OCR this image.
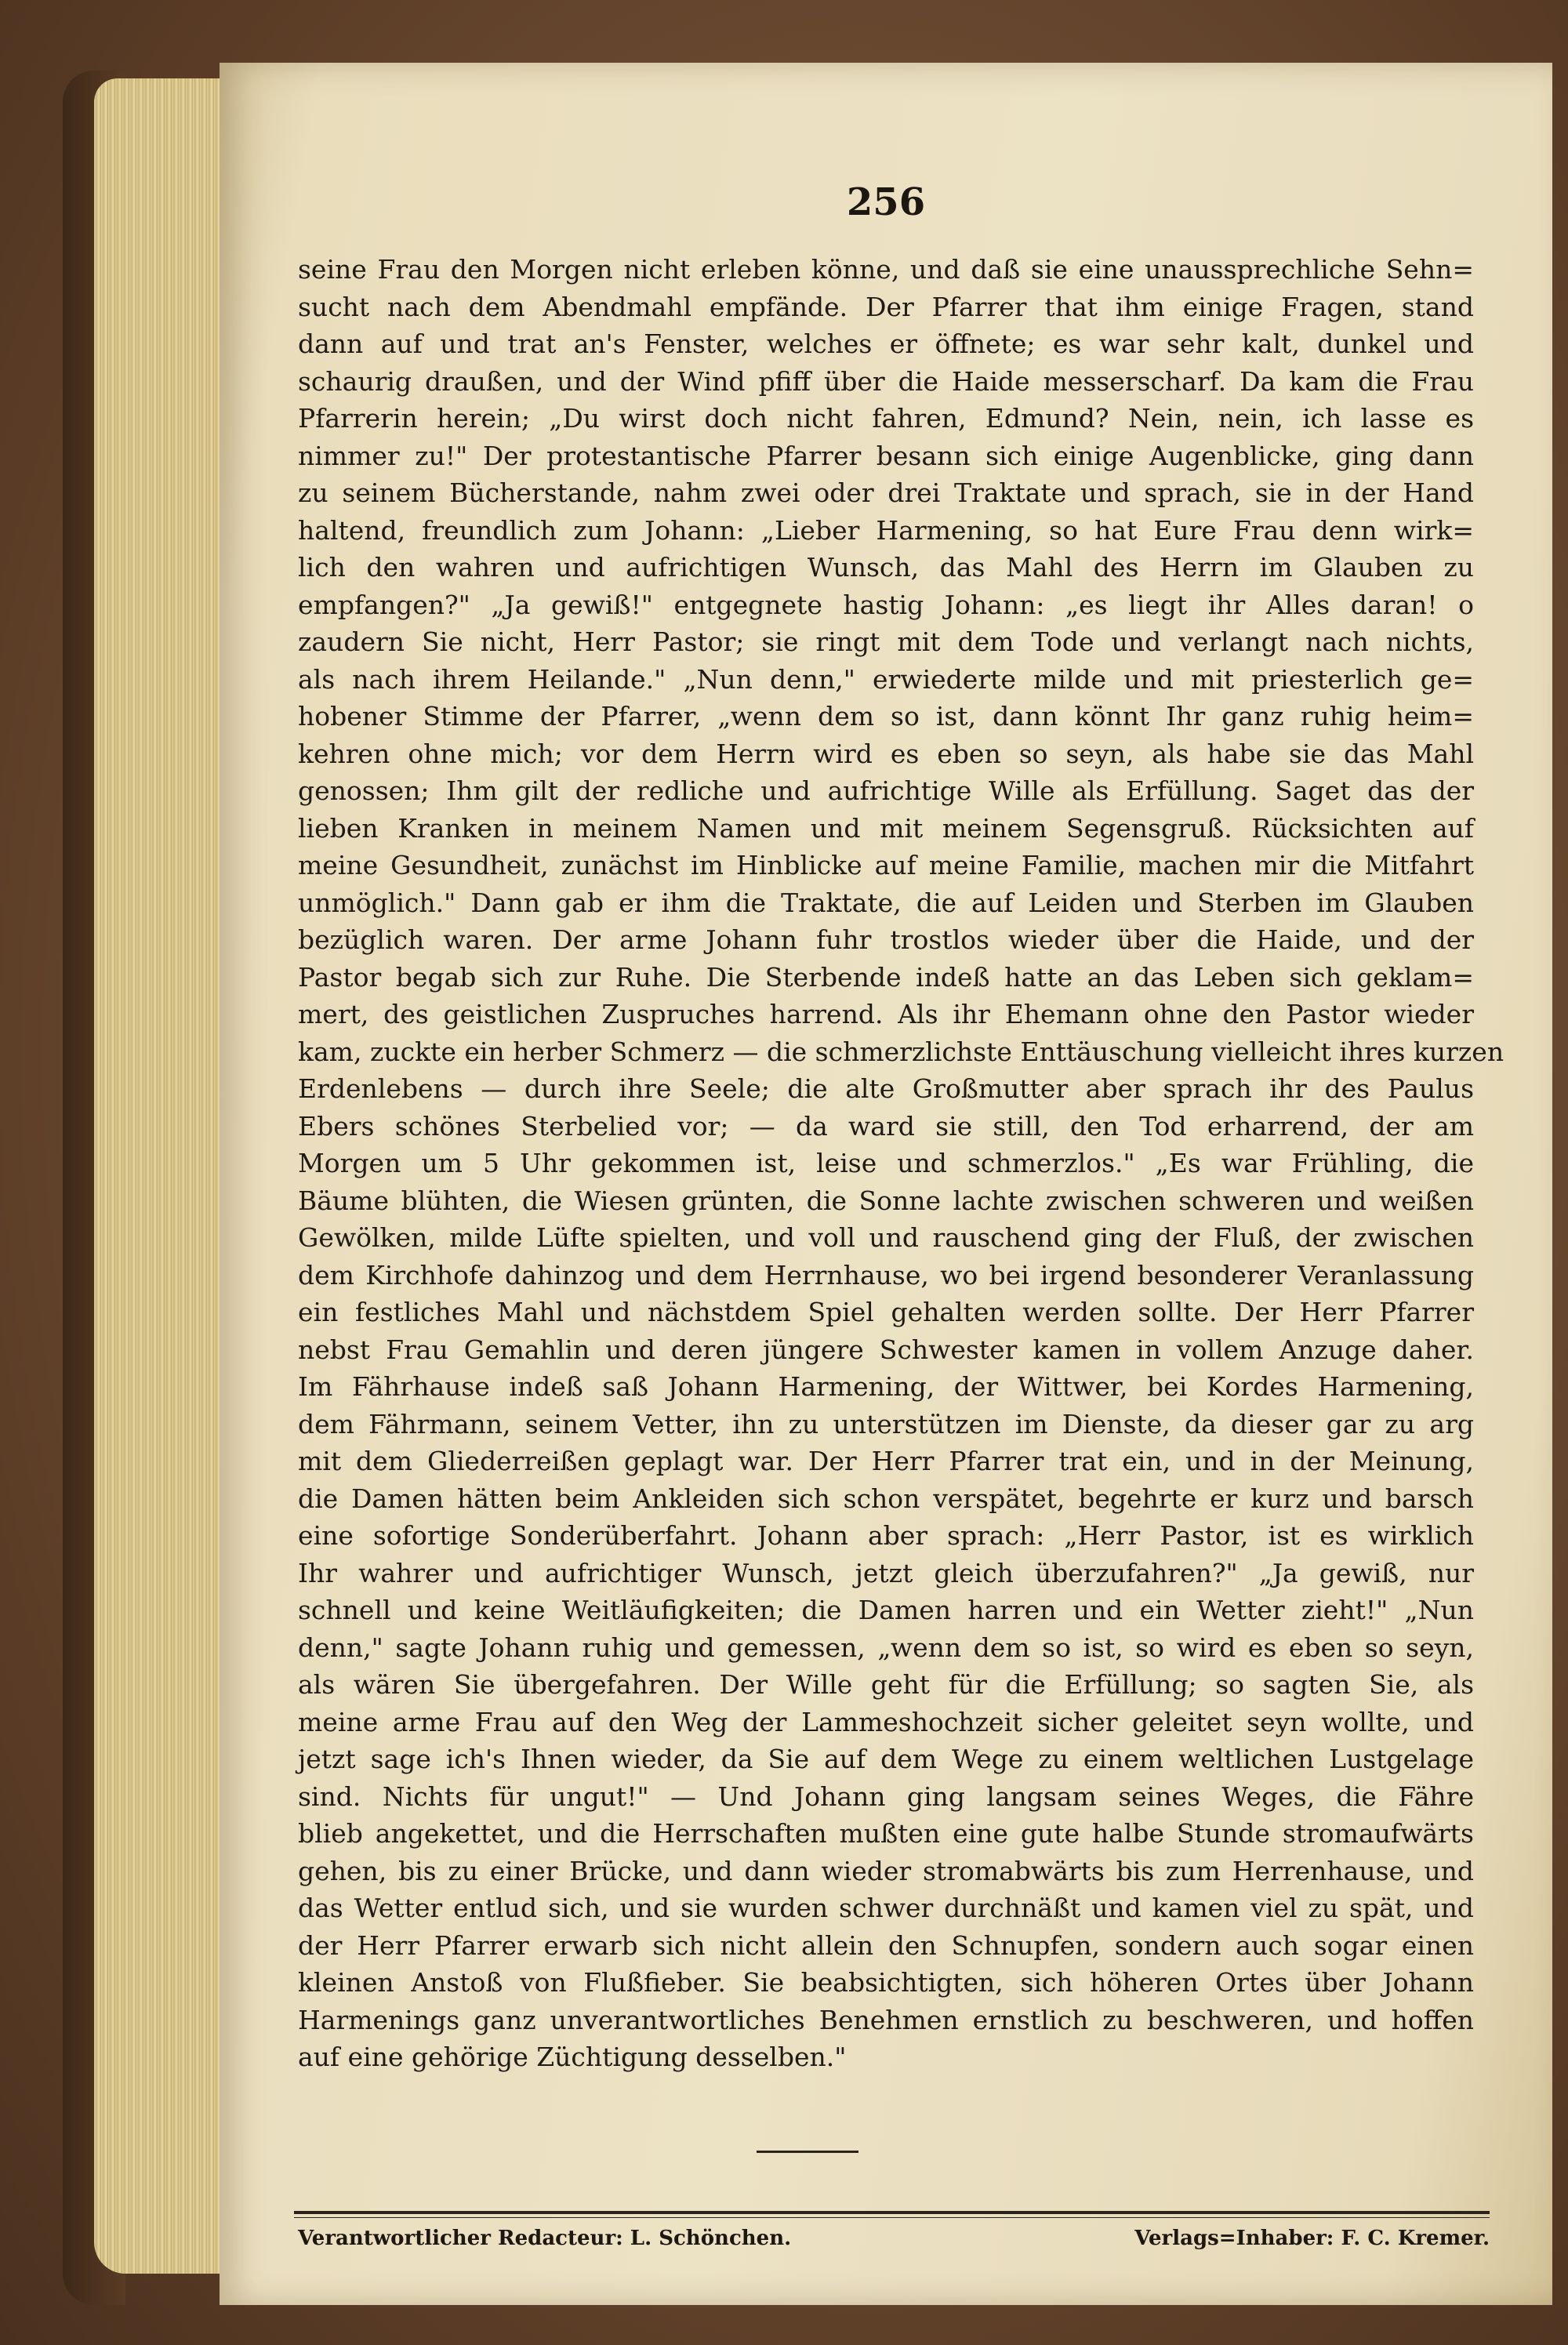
256
seine Frau den Morgen nicht erleben könne, und daß sie eine unaussprechliche Sehn=
sucht nach dem Abendmahl empfände. Der Pfarrer that ihm einige Fragen, stand
dann auf und trat an's Fenster, welches er öffnete; es war sehr kalt, dunkel und
schaurig draußen, und der Wind pfiff über die Haide messerscharf. Da kam die Frau
Pfarrerin herein; „Du wirst doch nicht fahren, Edmund? Nein, nein, ich lasse es
nimmer zu!" Der protestantische Pfarrer besann sich einige Augenblicke, ging dann
zu seinem Bücherstande, nahm zwei oder drei Traktate und sprach, sie in der Hand
haltend, freundlich zum Johann: „Lieber Harmening, so hat Eure Frau denn wirk=
lich den wahren und aufrichtigen Wunsch, das Mahl des Herrn im Glauben zu
empfangen?" „Ja gewiß!" entgegnete hastig Johann: „es liegt ihr Alles daran! o
zaudern Sie nicht, Herr Pastor; sie ringt mit dem Tode und verlangt nach nichts,
als nach ihrem Heilande." „Nun denn," erwiederte milde und mit priesterlich ge=
hobener Stimme der Pfarrer, „wenn dem so ist, dann könnt Ihr ganz ruhig heim=
kehren ohne mich; vor dem Herrn wird es eben so seyn, als habe sie das Mahl
genossen; Ihm gilt der redliche und aufrichtige Wille als Erfüllung. Saget das der
lieben Kranken in meinem Namen und mit meinem Segensgruß. Rücksichten auf
meine Gesundheit, zunächst im Hinblicke auf meine Familie, machen mir die Mitfahrt
unmöglich." Dann gab er ihm die Traktate, die auf Leiden und Sterben im Glauben
bezüglich waren. Der arme Johann fuhr trostlos wieder über die Haide, und der
Pastor begab sich zur Ruhe. Die Sterbende indeß hatte an das Leben sich geklam=
mert, des geistlichen Zuspruches harrend. Als ihr Ehemann ohne den Pastor wieder
kam, zuckte ein herber Schmerz — die schmerzlichste Enttäuschung vielleicht ihres kurzen
Erdenlebens — durch ihre Seele; die alte Großmutter aber sprach ihr des Paulus
Ebers schönes Sterbelied vor; — da ward sie still, den Tod erharrend, der am
Morgen um 5 Uhr gekommen ist, leise und schmerzlos." „Es war Frühling, die
Bäume blühten, die Wiesen grünten, die Sonne lachte zwischen schweren und weißen
Gewölken, milde Lüfte spielten, und voll und rauschend ging der Fluß, der zwischen
dem Kirchhofe dahinzog und dem Herrnhause, wo bei irgend besonderer Veranlassung
ein festliches Mahl und nächstdem Spiel gehalten werden sollte. Der Herr Pfarrer
nebst Frau Gemahlin und deren jüngere Schwester kamen in vollem Anzuge daher.
Im Fährhause indeß saß Johann Harmening, der Wittwer, bei Kordes Harmening,
dem Fährmann, seinem Vetter, ihn zu unterstützen im Dienste, da dieser gar zu arg
mit dem Gliederreißen geplagt war. Der Herr Pfarrer trat ein, und in der Meinung,
die Damen hätten beim Ankleiden sich schon verspätet, begehrte er kurz und barsch
eine sofortige Sonderüberfahrt. Johann aber sprach: „Herr Pastor, ist es wirklich
Ihr wahrer und aufrichtiger Wunsch, jetzt gleich überzufahren?" „Ja gewiß, nur
schnell und keine Weitläufigkeiten; die Damen harren und ein Wetter zieht!" „Nun
denn," sagte Johann ruhig und gemessen, „wenn dem so ist, so wird es eben so seyn,
als wären Sie übergefahren. Der Wille geht für die Erfüllung; so sagten Sie, als
meine arme Frau auf den Weg der Lammeshochzeit sicher geleitet seyn wollte, und
jetzt sage ich's Ihnen wieder, da Sie auf dem Wege zu einem weltlichen Lustgelage
sind. Nichts für ungut!" — Und Johann ging langsam seines Weges, die Fähre
blieb angekettet, und die Herrschaften mußten eine gute halbe Stunde stromaufwärts
gehen, bis zu einer Brücke, und dann wieder stromabwärts bis zum Herrenhause, und
das Wetter entlud sich, und sie wurden schwer durchnäßt und kamen viel zu spät, und
der Herr Pfarrer erwarb sich nicht allein den Schnupfen, sondern auch sogar einen
kleinen Anstoß von Flußfieber. Sie beabsichtigten, sich höheren Ortes über Johann
Harmenings ganz unverantwortliches Benehmen ernstlich zu beschweren, und hoffen
auf eine gehörige Züchtigung desselben."
Verantwortlicher Redacteur: L. Schönchen.	Verlags=Inhaber: F. C. Kremer.
